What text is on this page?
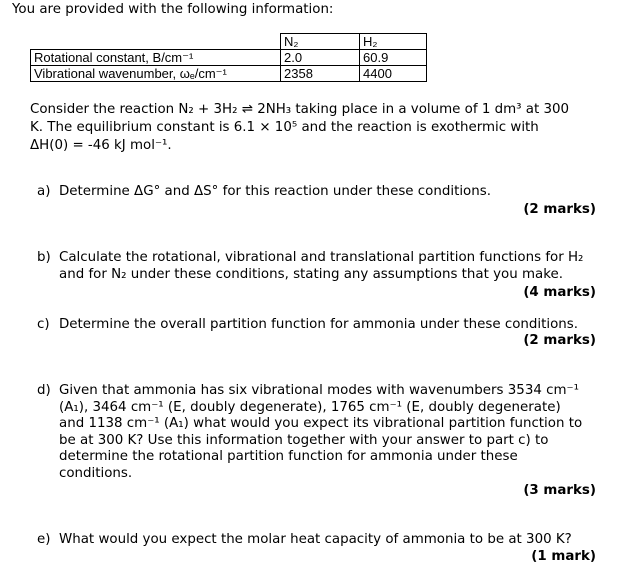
You are provided with the following information:
	N₂	H₂
Rotational constant, B/cm⁻¹	2.0	60.9
Vibrational wavenumber, ωₑ/cm⁻¹	2358	4400
Consider the reaction N₂ + 3H₂ ⇌ 2NH₃ taking place in a volume of 1 dm³ at 300
K. The equilibrium constant is 6.1 × 10⁵ and the reaction is exothermic with
ΔH(0) = -46 kJ mol⁻¹.
a) Determine ΔG° and ΔS° for this reaction under these conditions.
(2 marks)
b) Calculate the rotational, vibrational and translational partition functions for H₂
and for N₂ under these conditions, stating any assumptions that you make.
(4 marks)
c) Determine the overall partition function for ammonia under these conditions.
(2 marks)
d) Given that ammonia has six vibrational modes with wavenumbers 3534 cm⁻¹
(A₁), 3464 cm⁻¹ (E, doubly degenerate), 1765 cm⁻¹ (E, doubly degenerate)
and 1138 cm⁻¹ (A₁) what would you expect its vibrational partition function to
be at 300 K? Use this information together with your answer to part c) to
determine the rotational partition function for ammonia under these
conditions.
(3 marks)
e) What would you expect the molar heat capacity of ammonia to be at 300 K?
(1 mark)
